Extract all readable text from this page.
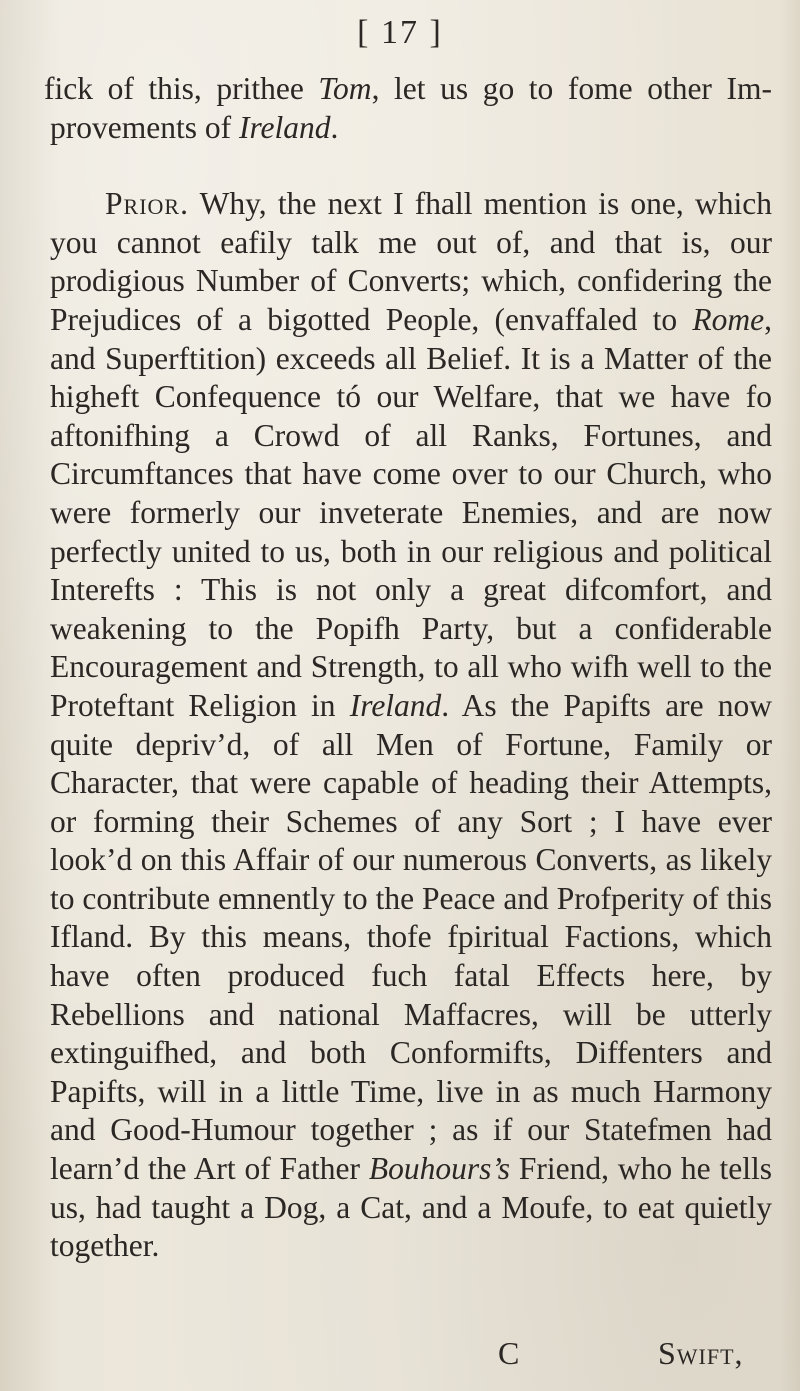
[ 17 ]

fick of this, prithee Tom, let us go to fome other Im-provements of Ireland.

Prior. Why, the next I fhall mention is one, which you cannot eafily talk me out of, and that is, our prodigious Number of Converts; which, confidering the Prejudices of a bigotted People, (envaffaled to Rome, and Superftition) exceeds all Belief. It is a Matter of the higheft Confequence tó our Welfare, that we have fo aftonifhing a Crowd of all Ranks, Fortunes, and Circumftances that have come over to our Church, who were formerly our inveterate Enemies, and are now perfectly united to us, both in our religious and political Interefts : This is not only a great difcomfort, and weakening to the Popifh Party, but a confiderable Encouragement and Strength, to all who wifh well to the Proteftant Religion in Ireland. As the Papifts are now quite depriv’d, of all Men of Fortune, Family or Character, that were capable of heading their Attempts, or forming their Schemes of any Sort ; I have ever look’d on this Affair of our numerous Converts, as likely to contribute emnently to the Peace and Profperity of this Ifland. By this means, thofe fpiritual Factions, which have often produced fuch fatal Effects here, by Rebellions and national Maffacres, will be utterly extinguifhed, and both Conformifts, Diffenters and Papifts, will in a little Time, live in as much Harmony and Good-Humour together ; as if our Statefmen had learn’d the Art of Father Bouhours’s Friend, who he tells us, had taught a Dog, a Cat, and a Moufe, to eat quietly together.

C	Swift,
